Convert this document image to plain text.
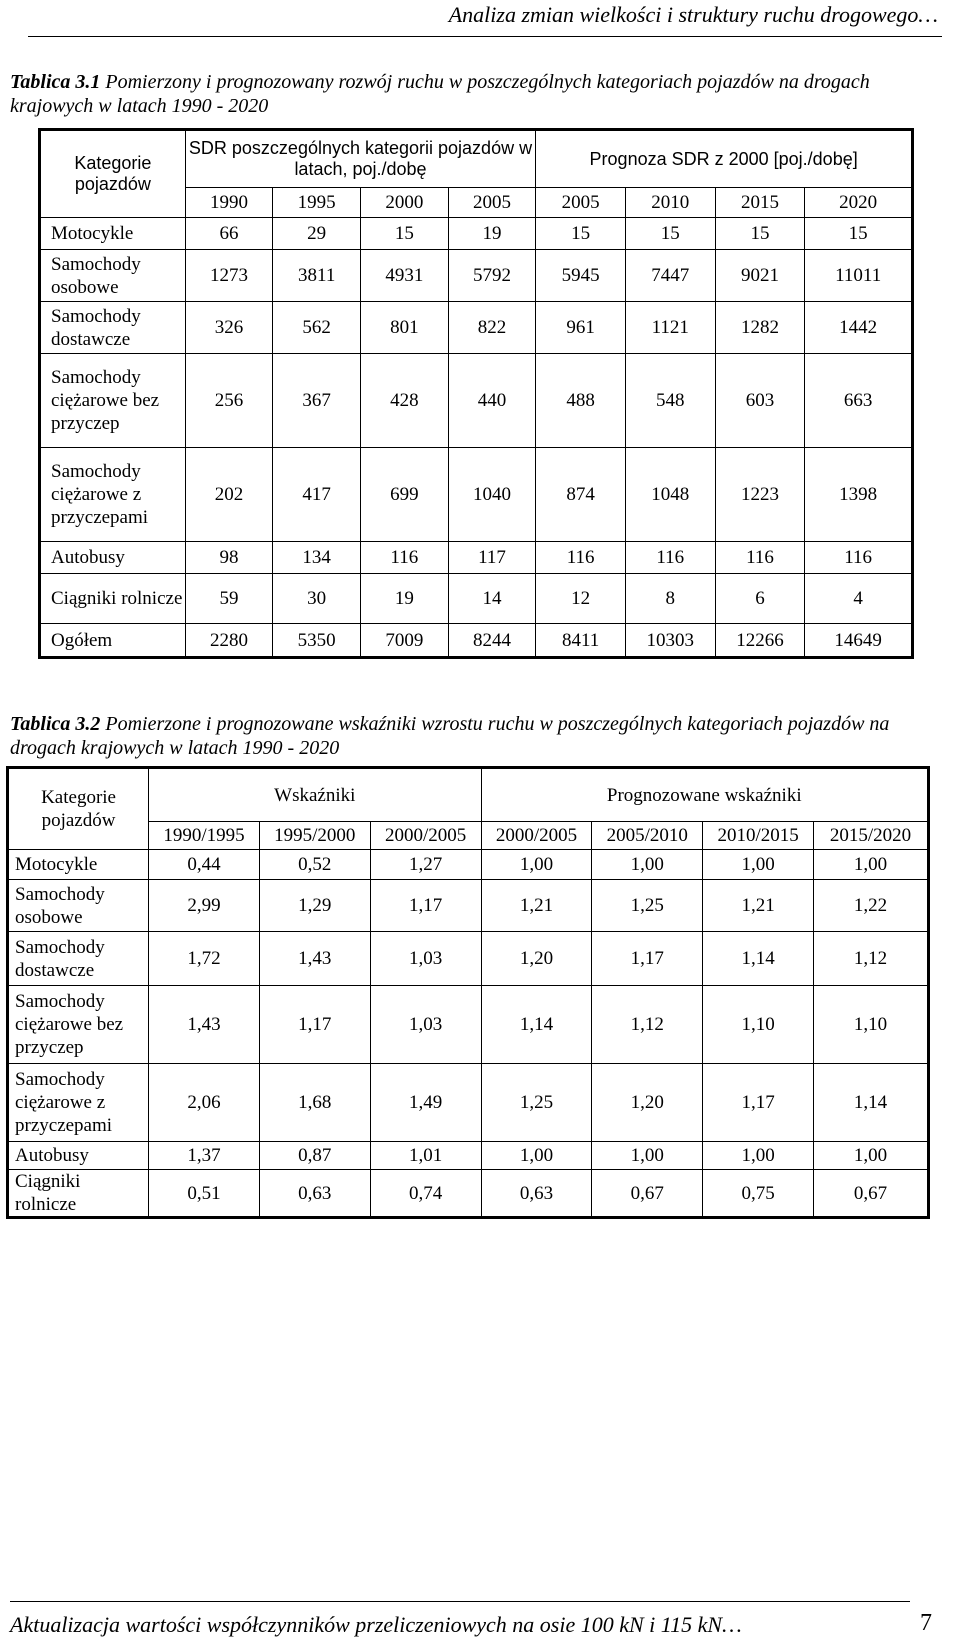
Analiza zmian wielkości i struktury ruchu drogowego…
Tablica 3.1 Pomierzony i prognozowany rozwój ruchu w poszczególnych kategoriach pojazdów na drogach krajowych w latach 1990 - 2020
Kategorie pojazdów	SDR poszczególnych kategorii pojazdów w latach, poj./dobę				Prognoza SDR z 2000 [poj./dobę]			
	1990	1995	2000	2005	2005	2010	2015	2020
Motocykle	66	29	15	19	15	15	15	15
Samochody osobowe	1273	3811	4931	5792	5945	7447	9021	11011
Samochody dostawcze	326	562	801	822	961	1121	1282	1442
Samochody ciężarowe bez przyczep	256	367	428	440	488	548	603	663
Samochody ciężarowe z przyczepami	202	417	699	1040	874	1048	1223	1398
Autobusy	98	134	116	117	116	116	116	116
Ciągniki rolnicze	59	30	19	14	12	8	6	4
Ogółem	2280	5350	7009	8244	8411	10303	12266	14649
Tablica 3.2 Pomierzone i prognozowane wskaźniki wzrostu ruchu w poszczególnych kategoriach pojazdów na drogach krajowych w latach 1990 - 2020
Kategorie pojazdów	Wskaźniki			Prognozowane wskaźniki			
	1990/1995	1995/2000	2000/2005	2000/2005	2005/2010	2010/2015	2015/2020
Motocykle	0,44	0,52	1,27	1,00	1,00	1,00	1,00
Samochody osobowe	2,99	1,29	1,17	1,21	1,25	1,21	1,22
Samochody dostawcze	1,72	1,43	1,03	1,20	1,17	1,14	1,12
Samochody ciężarowe bez przyczep	1,43	1,17	1,03	1,14	1,12	1,10	1,10
Samochody ciężarowe z przyczepami	2,06	1,68	1,49	1,25	1,20	1,17	1,14
Autobusy	1,37	0,87	1,01	1,00	1,00	1,00	1,00
Ciągniki rolnicze	0,51	0,63	0,74	0,63	0,67	0,75	0,67
Aktualizacja wartości współczynników przeliczeniowych na osie 100 kN i 115 kN…	7
